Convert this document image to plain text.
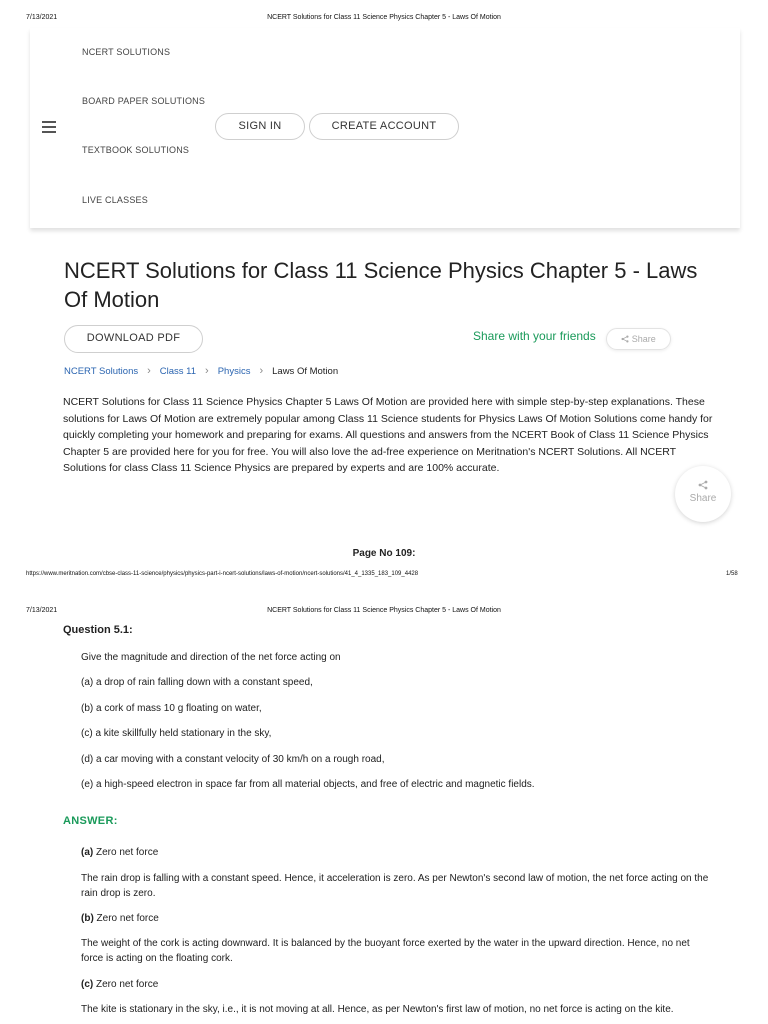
7/13/2021	NCERT Solutions for Class 11 Science Physics Chapter 5 - Laws Of Motion
NCERT SOLUTIONS
BOARD PAPER SOLUTIONS
TEXTBOOK SOLUTIONS
LIVE CLASSES
SIGN IN	CREATE ACCOUNT
NCERT Solutions for Class 11 Science Physics Chapter 5 - Laws Of Motion
DOWNLOAD PDF	Share with your friends	Share
NCERT Solutions › Class 11 › Physics › Laws Of Motion

NCERT Solutions for Class 11 Science Physics Chapter 5 Laws Of Motion are provided here with simple step-by-step explanations. These solutions for Laws Of Motion are extremely popular among Class 11 Science students for Physics Laws Of Motion Solutions come handy for quickly completing your homework and preparing for exams. All questions and answers from the NCERT Book of Class 11 Science Physics Chapter 5 are provided here for you for free. You will also love the ad-free experience on Meritnation's NCERT Solutions. All NCERT Solutions for class Class 11 Science Physics are prepared by experts and are 100% accurate.

Share
Page No 109:
https://www.meritnation.com/cbse-class-11-science/physics/physics-part-i-ncert-solutions/laws-of-motion/ncert-solutions/41_4_1335_183_109_4428	1/58
7/13/2021	NCERT Solutions for Class 11 Science Physics Chapter 5 - Laws Of Motion
Question 5.1:
Give the magnitude and direction of the net force acting on
(a) a drop of rain falling down with a constant speed,
(b) a cork of mass 10 g floating on water,
(c) a kite skillfully held stationary in the sky,
(d) a car moving with a constant velocity of 30 km/h on a rough road,
(e) a high-speed electron in space far from all material objects, and free of electric and magnetic fields.
ANSWER:
(a) Zero net force
The rain drop is falling with a constant speed. Hence, it acceleration is zero. As per Newton's second law of motion, the net force acting on the rain drop is zero.
(b) Zero net force
The weight of the cork is acting downward. It is balanced by the buoyant force exerted by the water in the upward direction. Hence, no net force is acting on the floating cork.
(c) Zero net force
The kite is stationary in the sky, i.e., it is not moving at all. Hence, as per Newton's first law of motion, no net force is acting on the kite.
